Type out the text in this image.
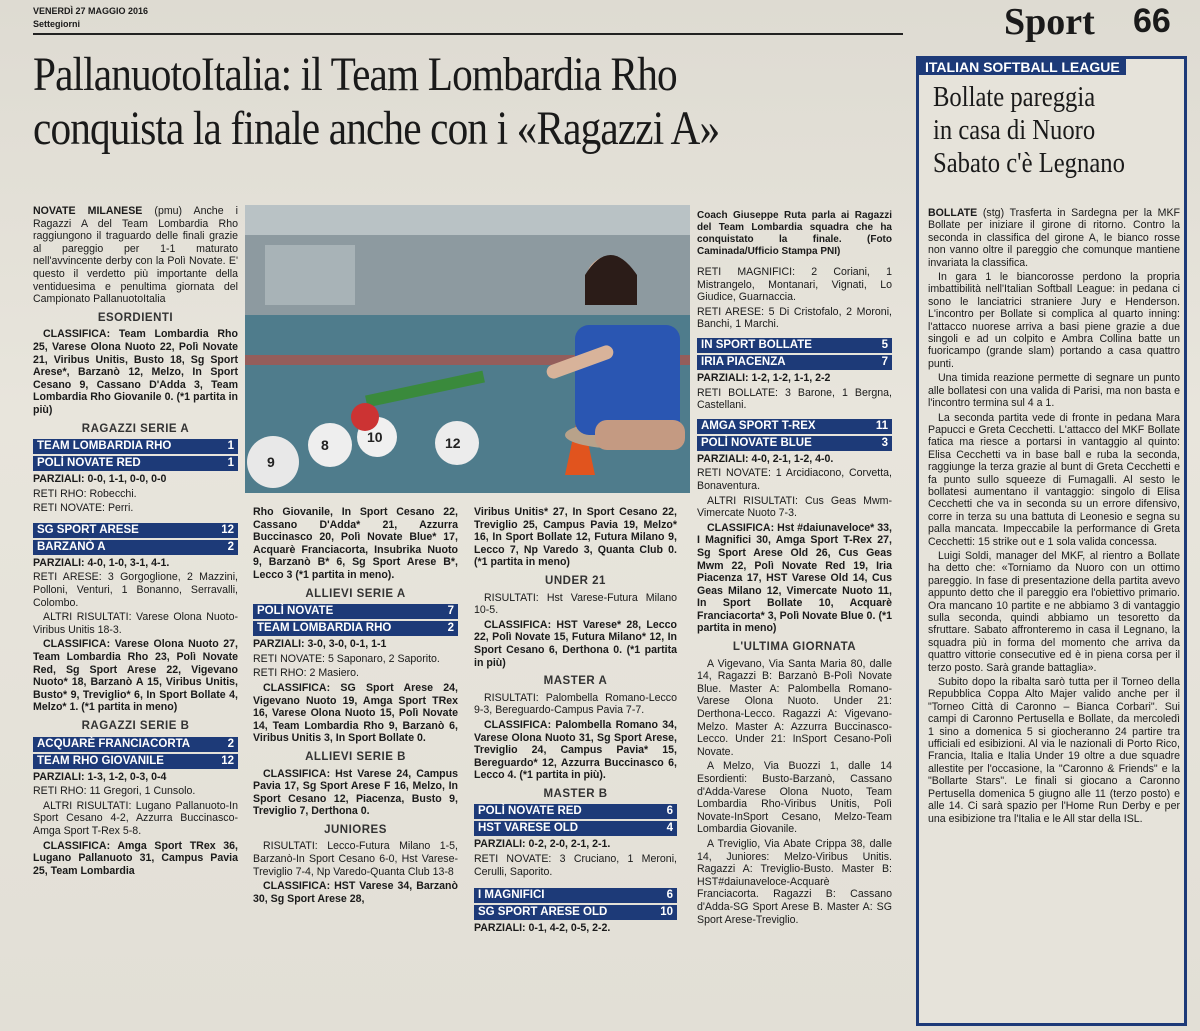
VENERDÌ 27 MAGGIO 2016
Settegiorni	Sport 66
PallanuotoItalia: il Team Lombardia Rho
conquista la finale anche con i «Ragazzi A»

NOVATE MILANESE (pmu) Anche i Ragazzi A del Team Lombardia Rho raggiungono il traguardo delle finali grazie al pareggio per 1-1 maturato nell'avvincente derby con la Polì Novate. E' questo il verdetto più importante della ventiduesima e penultima giornata del Campionato PallanuotoItalia

ESORDIENTI

CLASSIFICA: Team Lombardia Rho 25, Varese Olona Nuoto 22, Polì Novate 21, Viribus Unitis, Busto 18, Sg Sport Arese*, Barzanò 12, Melzo, In Sport Cesano 9, Cassano D'Adda 3, Team Lombardia Rho Giovanile 0. (*1 partita in più)

RAGAZZI SERIE A
TEAM LOMBARDIA RHO	1
POLÌ NOVATE RED	1

PARZIALI: 0-0, 1-1, 0-0, 0-0

RETI RHO: Robecchi.

RETI NOVATE: Perri.

SG SPORT ARESE	12
BARZANÒ A	2

PARZIALI: 4-0, 1-0, 3-1, 4-1.

RETI ARESE: 3 Gorgoglione, 2 Mazzini, Polloni, Venturi, 1 Bonanno, Serravalli, Colombo.

ALTRI RISULTATI: Varese Olona Nuoto-Viribus Unitis 18-3.

CLASSIFICA: Varese Olona Nuoto 27, Team Lombardia Rho 23, Polì Novate Red, Sg Sport Arese 22, Vigevano Nuoto* 18, Barzanò A 15, Viribus Unitis, Busto* 9, Treviglio* 6, In Sport Bollate 4, Melzo* 1. (*1 partita in meno)

RAGAZZI SERIE B
ACQUARÈ FRANCIACORTA	2
TEAM RHO GIOVANILE	12

PARZIALI: 1-3, 1-2, 0-3, 0-4

RETI RHO: 11 Gregori, 1 Cunsolo.

ALTRI RISULTATI: Lugano Pallanuoto-In Sport Cesano 4-2, Azzurra Buccinasco-Amga Sport T-Rex 5-8.

CLASSIFICA: Amga Sport TRex 36, Lugano Pallanuoto 31, Campus Pavia 25, Team Lombardia

9
8	10	12

Rho Giovanile, In Sport Cesano 22, Cassano D'Adda* 21, Azzurra Buccinasco 20, Polì Novate Blue* 17, Acquarè Franciacorta, Insubrika Nuoto 9, Barzanò B* 6, Sg Sport Arese B*, Lecco 3 (*1 partita in meno).

ALLIEVI SERIE A
POLÌ NOVATE	7
TEAM LOMBARDIA RHO	2

PARZIALI: 3-0, 3-0, 0-1, 1-1

RETI NOVATE: 5 Saponaro, 2 Saporito.

RETI RHO: 2 Masiero.

CLASSIFICA: SG Sport Arese 24, Vigevano Nuoto 19, Amga Sport TRex 16, Varese Olona Nuoto 15, Polì Novate 14, Team Lombardia Rho 9, Barzanò 6, Viribus Unitis 3, In Sport Bollate 0.

ALLIEVI SERIE B

CLASSIFICA: Hst Varese 24, Campus Pavia 17, Sg Sport Arese F 16, Melzo, In Sport Cesano 12, Piacenza, Busto 9, Treviglio 7, Derthona 0.

JUNIORES

RISULTATI: Lecco-Futura Milano 1-5, Barzanò-In Sport Cesano 6-0, Hst Varese-Treviglio 7-4, Np Varedo-Quanta Club 13-8

CLASSIFICA: HST Varese 34, Barzanò 30, Sg Sport Arese 28,

Viribus Unitis* 27, In Sport Cesano 22, Treviglio 25, Campus Pavia 19, Melzo* 16, In Sport Bollate 12, Futura Milano 9, Lecco 7, Np Varedo 3, Quanta Club 0. (*1 partita in meno)

UNDER 21

RISULTATI: Hst Varese-Futura Milano 10-5.

CLASSIFICA: HST Varese* 28, Lecco 22, Polì Novate 15, Futura Milano* 12, In Sport Cesano 6, Derthona 0. (*1 partita in più)

MASTER A

RISULTATI: Palombella Romano-Lecco 9-3, Bereguardo-Campus Pavia 7-7.

CLASSIFICA: Palombella Romano 34, Varese Olona Nuoto 31, Sg Sport Arese, Treviglio 24, Campus Pavia* 15, Bereguardo* 12, Azzurra Buccinasco 6, Lecco 4. (*1 partita in più).

MASTER B
POLÌ NOVATE RED	6
HST VARESE OLD	4

PARZIALI: 0-2, 2-0, 2-1, 2-1.

RETI NOVATE: 3 Cruciano, 1 Meroni, Cerulli, Saporito.

I MAGNIFICI	6
SG SPORT ARESE OLD	10

PARZIALI: 0-1, 4-2, 0-5, 2-2.

Coach Giuseppe Ruta parla ai Ragazzi del Team Lombardia squadra che ha conquistato la finale. (Foto Caminada/Ufficio Stampa PNI)

RETI MAGNIFICI: 2 Coriani, 1 Mistrangelo, Montanari, Vignati, Lo Giudice, Guarnaccia.

RETI ARESE: 5 Di Cristofalo, 2 Moroni, Banchi, 1 Marchi.

IN SPORT BOLLATE	5
IRIA PIACENZA	7

PARZIALI: 1-2, 1-2, 1-1, 2-2

RETI BOLLATE: 3 Barone, 1 Bergna, Castellani.

AMGA SPORT T-REX	11
POLÌ NOVATE BLUE	3

PARZIALI: 4-0, 2-1, 1-2, 4-0.

RETI NOVATE: 1 Arcidiacono, Corvetta, Bonaventura.

ALTRI RISULTATI: Cus Geas Mwm-Vimercate Nuoto 7-3.

CLASSIFICA: Hst #daiunaveloce* 33, I Magnifici 30, Amga Sport T-Rex 27, Sg Sport Arese Old 26, Cus Geas Mwm 22, Polì Novate Red 19, Iria Piacenza 17, HST Varese Old 14, Cus Geas Milano 12, Vimercate Nuoto 11, In Sport Bollate 10, Acquarè Franciacorta* 3, Polì Novate Blue 0. (*1 partita in meno)

L'ULTIMA GIORNATA

A Vigevano, Via Santa Maria 80, dalle 14, Ragazzi B: Barzanò B-Polì Novate Blue. Master A: Palombella Romano-Varese Olona Nuoto. Under 21: Derthona-Lecco. Ragazzi A: Vigevano-Melzo. Master A: Azzurra Buccinasco-Lecco. Under 21: InSport Cesano-Polì Novate.

A Melzo, Via Buozzi 1, dalle 14 Esordienti: Busto-Barzanò, Cassano d'Adda-Varese Olona Nuoto, Team Lombardia Rho-Viribus Unitis, Polì Novate-InSport Cesano, Melzo-Team Lombardia Giovanile.

A Treviglio, Via Abate Crippa 38, dalle 14, Juniores: Melzo-Viribus Unitis. Ragazzi A: Treviglio-Busto. Master B: HST#daiunaveloce-Acquarè Franciacorta. Ragazzi B: Cassano d'Adda-SG Sport Arese B. Master A: SG Sport Arese-Treviglio.

ITALIAN SOFTBALL LEAGUE
Bollate pareggia
in casa di Nuoro
Sabato c'è Legnano

BOLLATE (stg) Trasferta in Sardegna per la MKF Bollate per iniziare il girone di ritorno. Contro la seconda in classifica del girone A, le bianco rosse non vanno oltre il pareggio che comunque mantiene invariata la classifica.

In gara 1 le biancorosse perdono la propria imbattibilità nell'Italian Softball League: in pedana ci sono le lanciatrici straniere Jury e Henderson. L'incontro per Bollate si complica al quarto inning: l'attacco nuorese arriva a basi piene grazie a due singoli e ad un colpito e Ambra Collina batte un fuoricampo (grande slam) portando a casa quattro punti.

Una timida reazione permette di segnare un punto alle bollatesi con una valida di Parisi, ma non basta e l'incontro termina sul 4 a 1.

La seconda partita vede di fronte in pedana Mara Papucci e Greta Cecchetti. L'attacco del MKF Bollate fatica ma riesce a portarsi in vantaggio al quinto: Elisa Cecchetti va in base ball e ruba la seconda, raggiunge la terza grazie al bunt di Greta Cecchetti e fa punto sullo squeeze di Fumagalli. Al sesto le bollatesi aumentano il vantaggio: singolo di Elisa Cecchetti che va in seconda su un errore difensivo, corre in terza su una battuta di Leonesio e segna su palla mancata. Impeccabile la performance di Greta Cecchetti: 15 strike out e 1 sola valida concessa.

Luigi Soldi, manager del MKF, al rientro a Bollate ha detto che: «Torniamo da Nuoro con un ottimo pareggio. In fase di presentazione della partita avevo appunto detto che il pareggio era l'obiettivo primario. Ora mancano 10 partite e ne abbiamo 3 di vantaggio sulla seconda, quindi abbiamo un tesoretto da sfruttare. Sabato affronteremo in casa il Legnano, la squadra più in forma del momento che arriva da quattro vittorie consecutive ed è in piena corsa per il terzo posto. Sarà grande battaglia».

Subito dopo la ribalta sarò tutta per il Torneo della Repubblica Coppa Alto Majer valido anche per il "Torneo Città di Caronno – Bianca Corbari". Sui campi di Caronno Pertusella e Bollate, da mercoledì 1 sino a domenica 5 si giocheranno 24 partire tra ufficiali ed esibizioni. Al via le nazionali di Porto Rico, Francia, Italia e Italia Under 19 oltre a due squadre allestite per l'occasione, la "Caronno & Friends" e la "Bollarte Stars". Le finali si giocano a Caronno Pertusella domenica 5 giugno alle 11 (terzo posto) e alle 14. Ci sarà spazio per l'Home Run Derby e per una esibizione tra l'Italia e le All star della ISL.
